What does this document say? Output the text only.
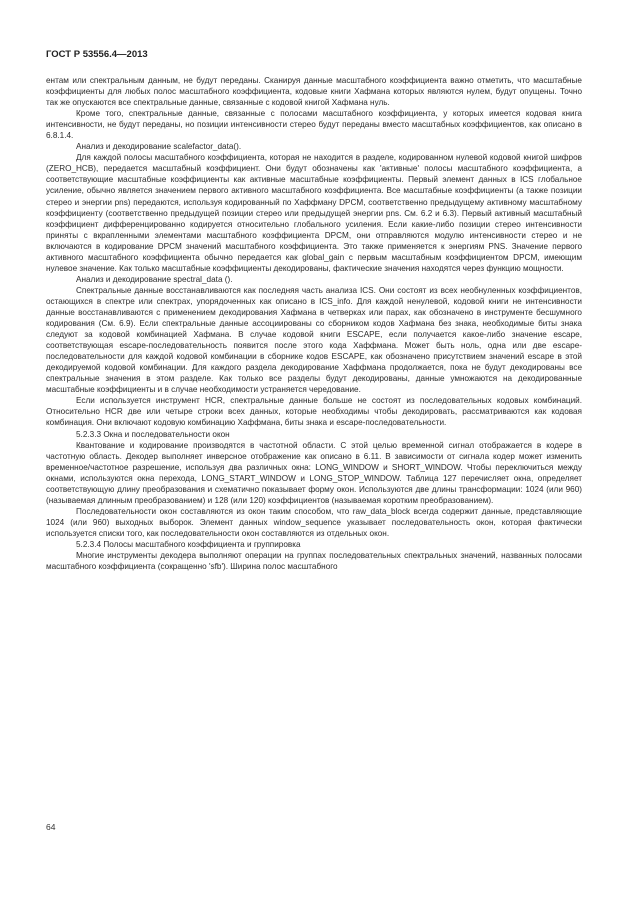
ГОСТ Р 53556.4—2013

ентам или спектральным данным, не будут переданы. Сканируя данные масштабного коэффициента важно отметить, что масштабные коэффициенты для любых полос масштабного коэффициента, кодовые книги Хафмана которых являются нулем, будут опущены. Точно так же опускаются все спектральные данные, связанные с кодовой книгой Хафмана нуль.

Кроме того, спектральные данные, связанные с полосами масштабного коэффициента, у которых имеется кодовая книга интенсивности, не будут переданы, но позиции интенсивности стерео будут переданы вместо масштабных коэффициентов, как описано в 6.8.1.4.

Анализ и декодирование scalefactor_data().

Для каждой полосы масштабного коэффициента, которая не находится в разделе, кодированном нулевой кодовой книгой шифров (ZERO_HCB), передается масштабный коэффициент. Они будут обозначены как 'активные' полосы масштабного коэффициента, а соответствующие масштабные коэффициенты как активные масштабные коэффициенты. Первый элемент данных в ICS глобальное усиление, обычно является значением первого активного масштабного коэффициента. Все масштабные коэффициенты (а также позиции стерео и энергии pns) передаются, используя кодированный по Хаффману DPCM, соответственно предыдущему активному масштабному коэффициенту (соответственно предыдущей позиции стерео или предыдущей энергии pns. См. 6.2 и 6.3). Первый активный масштабный коэффициент дифференцированно кодируется относительно глобального усиления. Если какие-либо позиции стерео интенсивности приняты с вкрапленными элементами масштабного коэффициента DPCM, они отправляются модулю интенсивности стерео и не включаются в кодирование DPCM значений масштабного коэффициента. Это также применяется к энергиям PNS. Значение первого активного масштабного коэффициента обычно передается как global_gain с первым масштабным коэффициентом DPCM, имеющим нулевое значение. Как только масштабные коэффициенты декодированы, фактические значения находятся через функцию мощности.

Анализ и декодирование spectral_data ().

Спектральные данные восстанавливаются как последняя часть анализа ICS. Они состоят из всех необнуленных коэффициентов, остающихся в спектре или спектрах, упорядоченных как описано в ICS_info. Для каждой ненулевой, кодовой книги не интенсивности данные восстанавливаются с применением декодирования Хафмана в четверках или парах, как обозначено в инструменте бесшумного кодирования (См. 6.9). Если спектральные данные ассоциированы со сборником кодов Хафмана без знака, необходимые биты знака следуют за кодовой комбинацией Хафмана. В случае кодовой книги ESCAPE, если получается какое-либо значение escape, соответствующая escape-последовательность появится после этого кода Хаффмана. Может быть ноль, одна или две escape-последовательности для каждой кодовой комбинации в сборнике кодов ESCAPE, как обозначено присутствием значений escape в этой декодируемой кодовой комбинации. Для каждого раздела декодирование Хаффмана продолжается, пока не будут декодированы все спектральные значения в этом разделе. Как только все разделы будут декодированы, данные умножаются на декодированные масштабные коэффициенты и в случае необходимости устраняется чередование.

Если используется инструмент HCR, спектральные данные больше не состоят из последовательных кодовых комбинаций. Относительно HCR две или четыре строки всех данных, которые необходимы чтобы декодировать, рассматриваются как кодовая комбинация. Они включают кодовую комбинацию Хаффмана, биты знака и escape-последовательности.

5.2.3.3 Окна и последовательности окон

Квантование и кодирование производятся в частотной области. С этой целью временной сигнал отображается в кодере в частотную область. Декодер выполняет инверсное отображение как описано в 6.11. В зависимости от сигнала кодер может изменить временное/частотное разрешение, используя два различных окна: LONG_WINDOW и SHORT_WINDOW. Чтобы переключиться между окнами, используются окна перехода, LONG_START_WINDOW и LONG_STOP_WINDOW. Таблица 127 перечисляет окна, определяет соответствующую длину преобразования и схематично показывает форму окон. Используются две длины трансформации: 1024 (или 960) (называемая длинным преобразованием) и 128 (или 120) коэффициентов (называемая коротким преобразованием).

Последовательности окон составляются из окон таким способом, что raw_data_block всегда содержит данные, представляющие 1024 (или 960) выходных выборок. Элемент данных window_sequence указывает последовательность окон, которая фактически используется списки того, как последовательности окон составляются из отдельных окон.

5.2.3.4 Полосы масштабного коэффициента и группировка

Многие инструменты декодера выполняют операции на группах последовательных спектральных значений, названных полосами масштабного коэффициента (сокращенно 'sfb'). Ширина полос масштабного

64
